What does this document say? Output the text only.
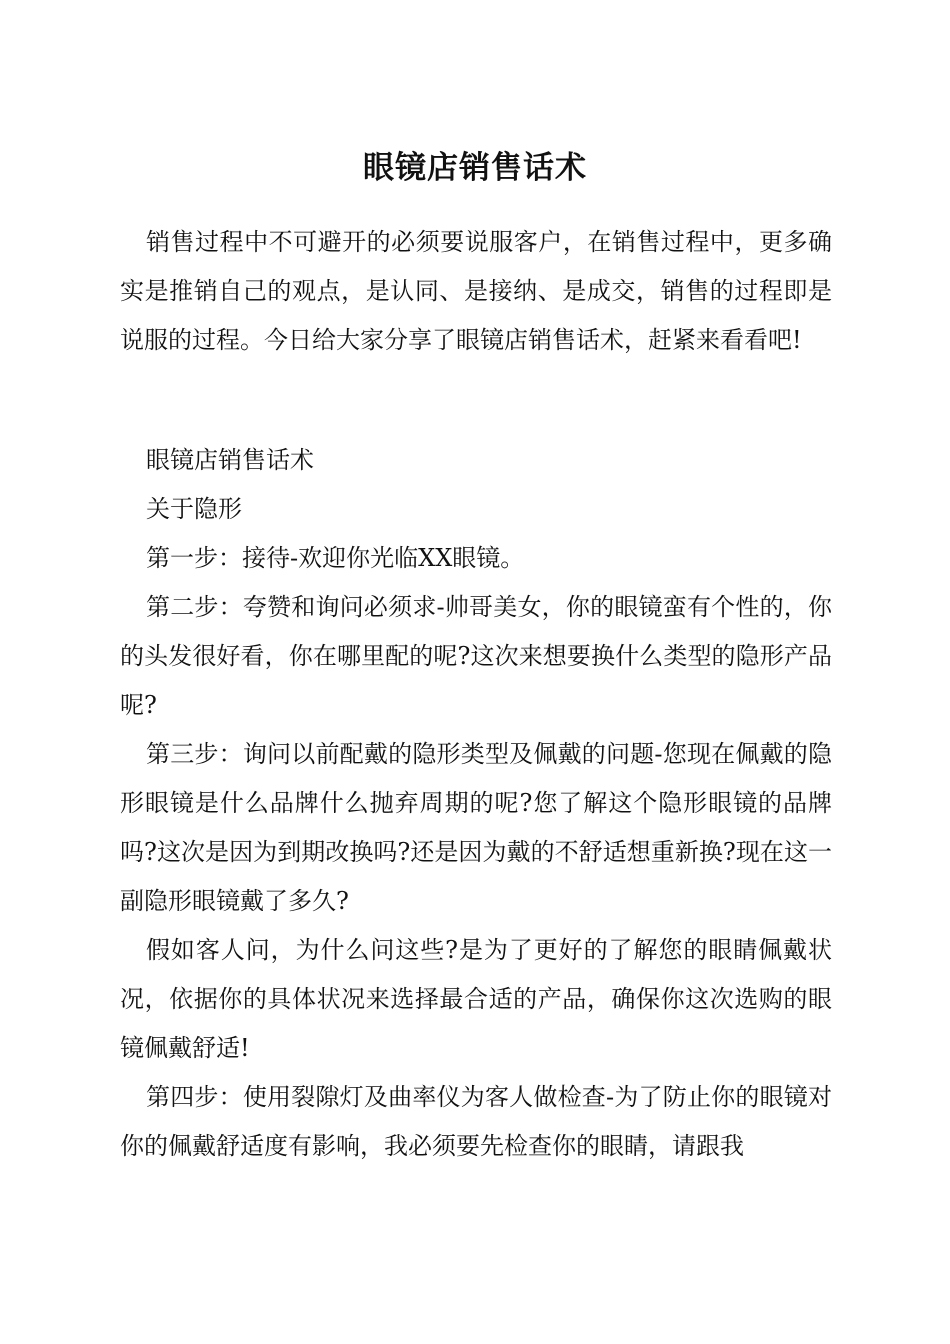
眼镜店销售话术

销售过程中不可避开的必须要说服客户，在销售过程中，更多确实是推销自己的观点，是认同、是接纳、是成交，销售的过程即是说服的过程。今日给大家分享了眼镜店销售话术，赶紧来看看吧!

眼镜店销售话术

关于隐形

第一步：接待-欢迎你光临XX眼镜。

第二步：夸赞和询问必须求-帅哥美女，你的眼镜蛮有个性的，你的头发很好看，你在哪里配的呢?这次来想要换什么类型的隐形产品呢?

第三步：询问以前配戴的隐形类型及佩戴的问题-您现在佩戴的隐形眼镜是什么品牌什么抛弃周期的呢?您了解这个隐形眼镜的品牌吗?这次是因为到期改换吗?还是因为戴的不舒适想重新换?现在这一副隐形眼镜戴了多久?

假如客人问，为什么问这些?是为了更好的了解您的眼睛佩戴状况，依据你的具体状况来选择最合适的产品，确保你这次选购的眼镜佩戴舒适!

第四步：使用裂隙灯及曲率仪为客人做检查-为了防止你的眼镜对你的佩戴舒适度有影响，我必须要先检查你的眼睛，请跟我
